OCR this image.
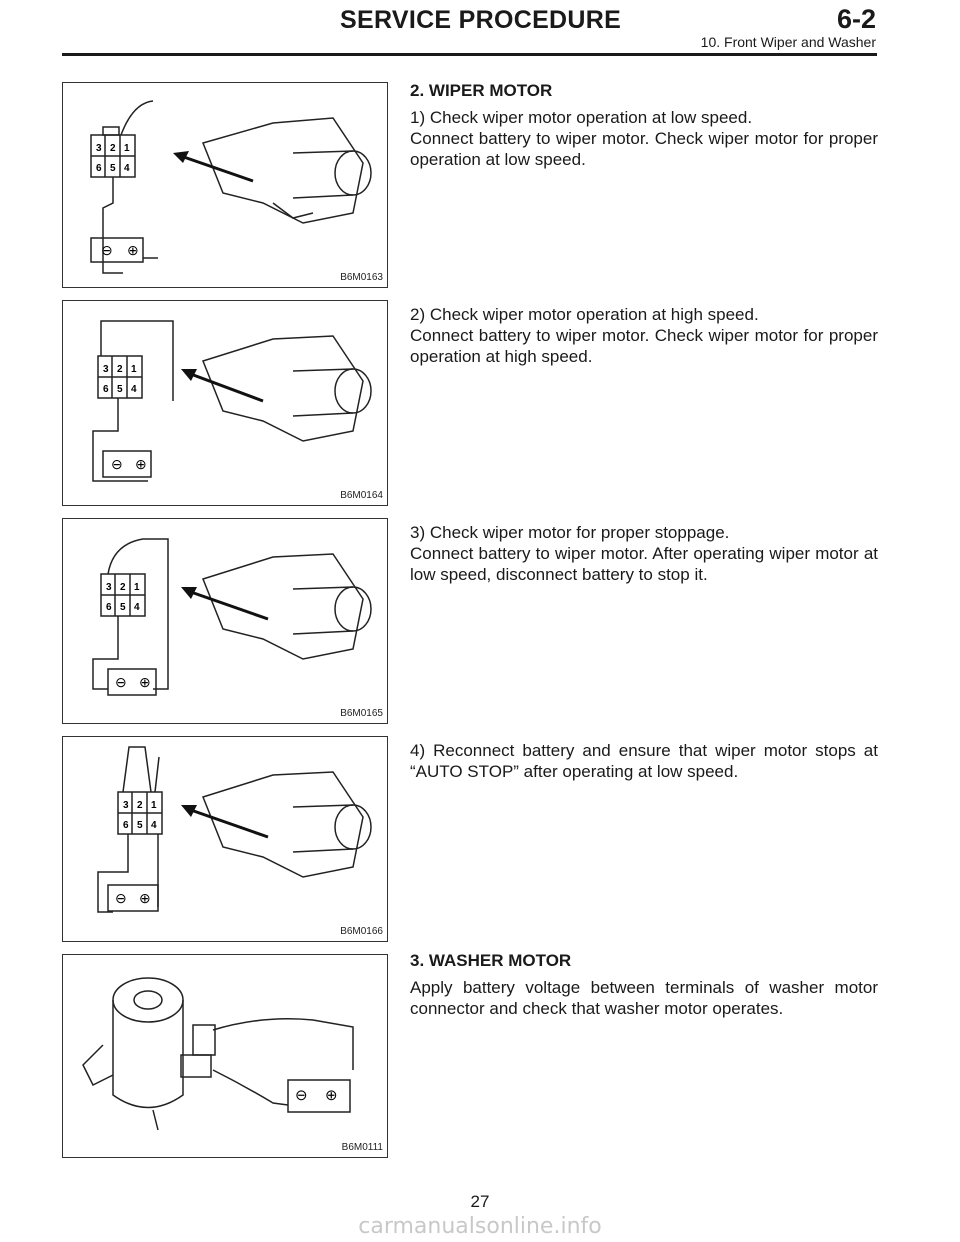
SERVICE PROCEDURE	6-2
10. Front Wiper and Washer
3 2 1
6 5 4
⊖ ⊕
B6M0163
3 2 1
6 5 4
⊖ ⊕
B6M0164
3 2 1
6 5 4
⊖ ⊕
B6M0165
3 2 1
6 5 4
⊖ ⊕
B6M0166
⊖ ⊕
B6M0111

2. WIPER MOTOR

1) Check wiper motor operation at low speed.

Connect battery to wiper motor. Check wiper motor for proper operation at low speed.

2) Check wiper motor operation at high speed.

Connect battery to wiper motor. Check wiper motor for proper operation at high speed.

3) Check wiper motor for proper stoppage.

Connect battery to wiper motor. After operating wiper motor at low speed, disconnect battery to stop it.

4) Reconnect battery and ensure that wiper motor stops at “AUTO STOP” after operating at low speed.

3. WASHER MOTOR

Apply battery voltage between terminals of washer motor connector and check that washer motor operates.

27
carmanualsonline.info
